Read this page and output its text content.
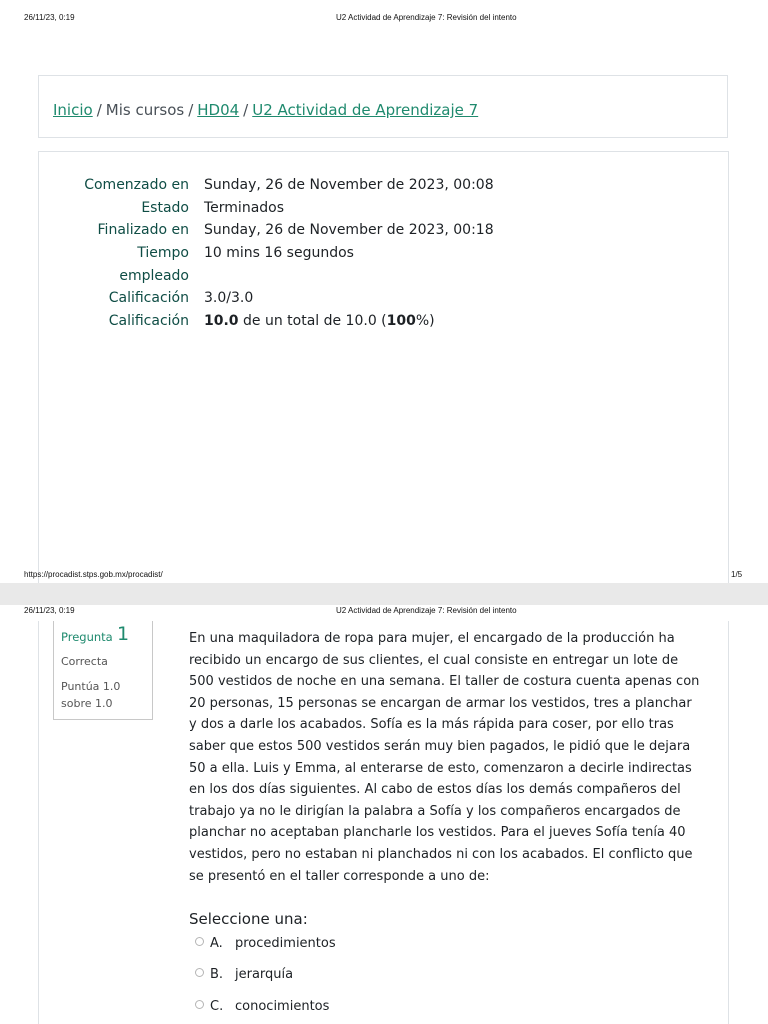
26/11/23, 0:19	U2 Actividad de Aprendizaje 7: Revisión del intento
Inicio / Mis cursos / HD04 / U2 Actividad de Aprendizaje 7
Comenzado en Sunday, 26 de November de 2023, 00:08
Estado Terminados
Finalizado en Sunday, 26 de November de 2023, 00:18
Tiempo
empleado
10 mins 16 segundos
Calificación 3.0/3.0
Calificación 10.0 de un total de 10.0 (100%)
https://procadist.stps.gob.mx/procadist/	1/5
26/11/23, 0:19	U2 Actividad de Aprendizaje 7: Revisión del intento
Pregunta 1
Correcta
Puntúa 1.0 sobre 1.0
En una maquiladora de ropa para mujer, el encargado de la producción ha
recibido un encargo de sus clientes, el cual consiste en entregar un lote de
500 vestidos de noche en una semana. El taller de costura cuenta apenas con
20 personas, 15 personas se encargan de armar los vestidos, tres a planchar
y dos a darle los acabados. Sofía es la más rápida para coser, por ello tras
saber que estos 500 vestidos serán muy bien pagados, le pidió que le dejara
50 a ella. Luis y Emma, al enterarse de esto, comenzaron a decirle indirectas
en los dos días siguientes. Al cabo de estos días los demás compañeros del
trabajo ya no le dirigían la palabra a Sofía y los compañeros encargados de
planchar no aceptaban plancharle los vestidos. Para el jueves Sofía tenía 40
vestidos, pero no estaban ni planchados ni con los acabados. El conflicto que
se presentó en el taller corresponde a uno de:
Seleccione una:
A. procedimientos
B. jerarquía
C. conocimientos
